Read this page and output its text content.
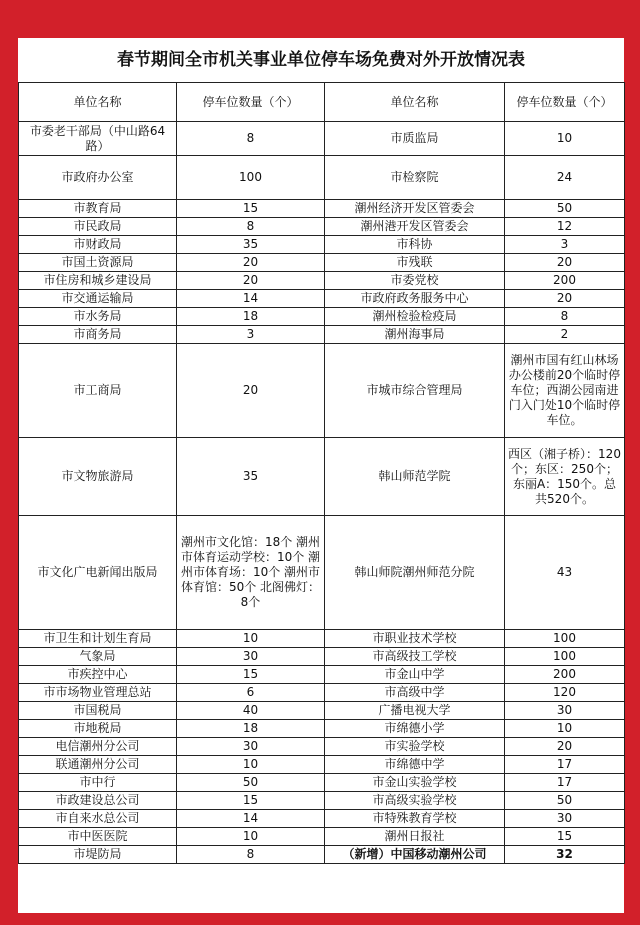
春节期间全市机关事业单位停车场免费对外开放情况表
单位名称	停车位数量（个）	单位名称	停车位数量（个）
市委老干部局（中山路64路）	8	市质监局	10
市政府办公室	100	市检察院	24
市教育局	15	潮州经济开发区管委会	50
市民政局	8	潮州港开发区管委会	12
市财政局	35	市科协	3
市国土资源局	20	市残联	20
市住房和城乡建设局	20	市委党校	200
市交通运输局	14	市政府政务服务中心	20
市水务局	18	潮州检验检疫局	8
市商务局	3	潮州海事局	2
市工商局	20	市城市综合管理局	潮州市国有红山林场办公楼前20个临时停车位；西湖公园南进门入门处10个临时停车位。
市文物旅游局	35	韩山师范学院	西区（湘子桥）：120个；东区：250个；东丽A：150个。总共520个。
市文化广电新闻出版局	潮州市文化馆：18个 潮州市体育运动学校：10个 潮州市体育场：10个 潮州市体育馆：50个 北阁佛灯：8个	韩山师院潮州师范分院	43
市卫生和计划生育局	10	市职业技术学校	100
气象局	30	市高级技工学校	100
市疾控中心	15	市金山中学	200
市市场物业管理总站	6	市高级中学	120
市国税局	40	广播电视大学	30
市地税局	18	市绵德小学	10
电信潮州分公司	30	市实验学校	20
联通潮州分公司	10	市绵德中学	17
市中行	50	市金山实验学校	17
市政建设总公司	15	市高级实验学校	50
市自来水总公司	14	市特殊教育学校	30
市中医医院	10	潮州日报社	15
市堤防局	8	（新增）中国移动潮州公司	32
